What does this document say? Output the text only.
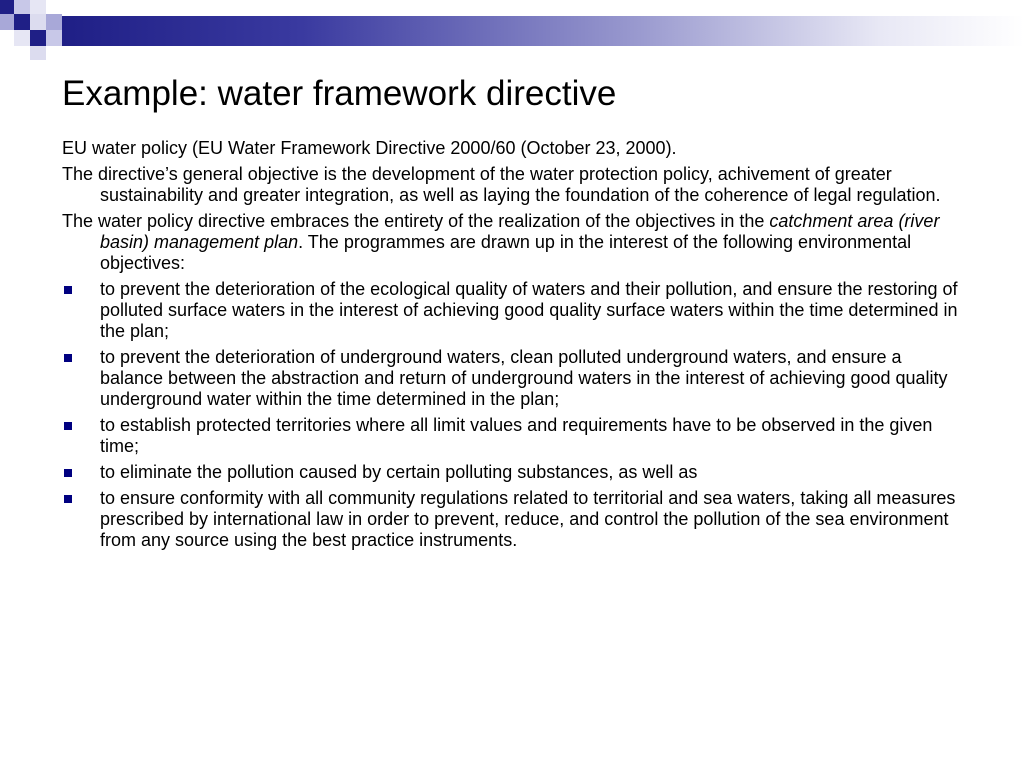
Example: water framework directive

EU water policy (EU Water Framework Directive 2000/60 (October 23, 2000).

The directive’s general objective is the development of the water protection policy, achivement of greater sustainability and greater integration, as well as laying the foundation of the coherence of legal regulation.

The water policy directive embraces the entirety of the realization of the objectives in the catchment area (river basin) management plan. The programmes are drawn up in the interest of the following environmental objectives:

to prevent the deterioration of the ecological quality of waters and their pollution, and ensure the restoring of polluted surface waters in the interest of achieving good quality surface waters within the time determined in the plan;
to prevent the deterioration of underground waters, clean polluted underground waters, and ensure a balance between the abstraction and return of underground waters in the interest of achieving good quality underground water within the time determined in the plan;
to establish protected territories where all limit values and requirements have to be observed in the given time;
to eliminate the pollution caused by certain polluting substances, as well as
to ensure conformity with all community regulations related to territorial and sea waters, taking all measures prescribed by international law in order to prevent, reduce, and control the pollution of the sea environment from any source using the best practice instruments.
